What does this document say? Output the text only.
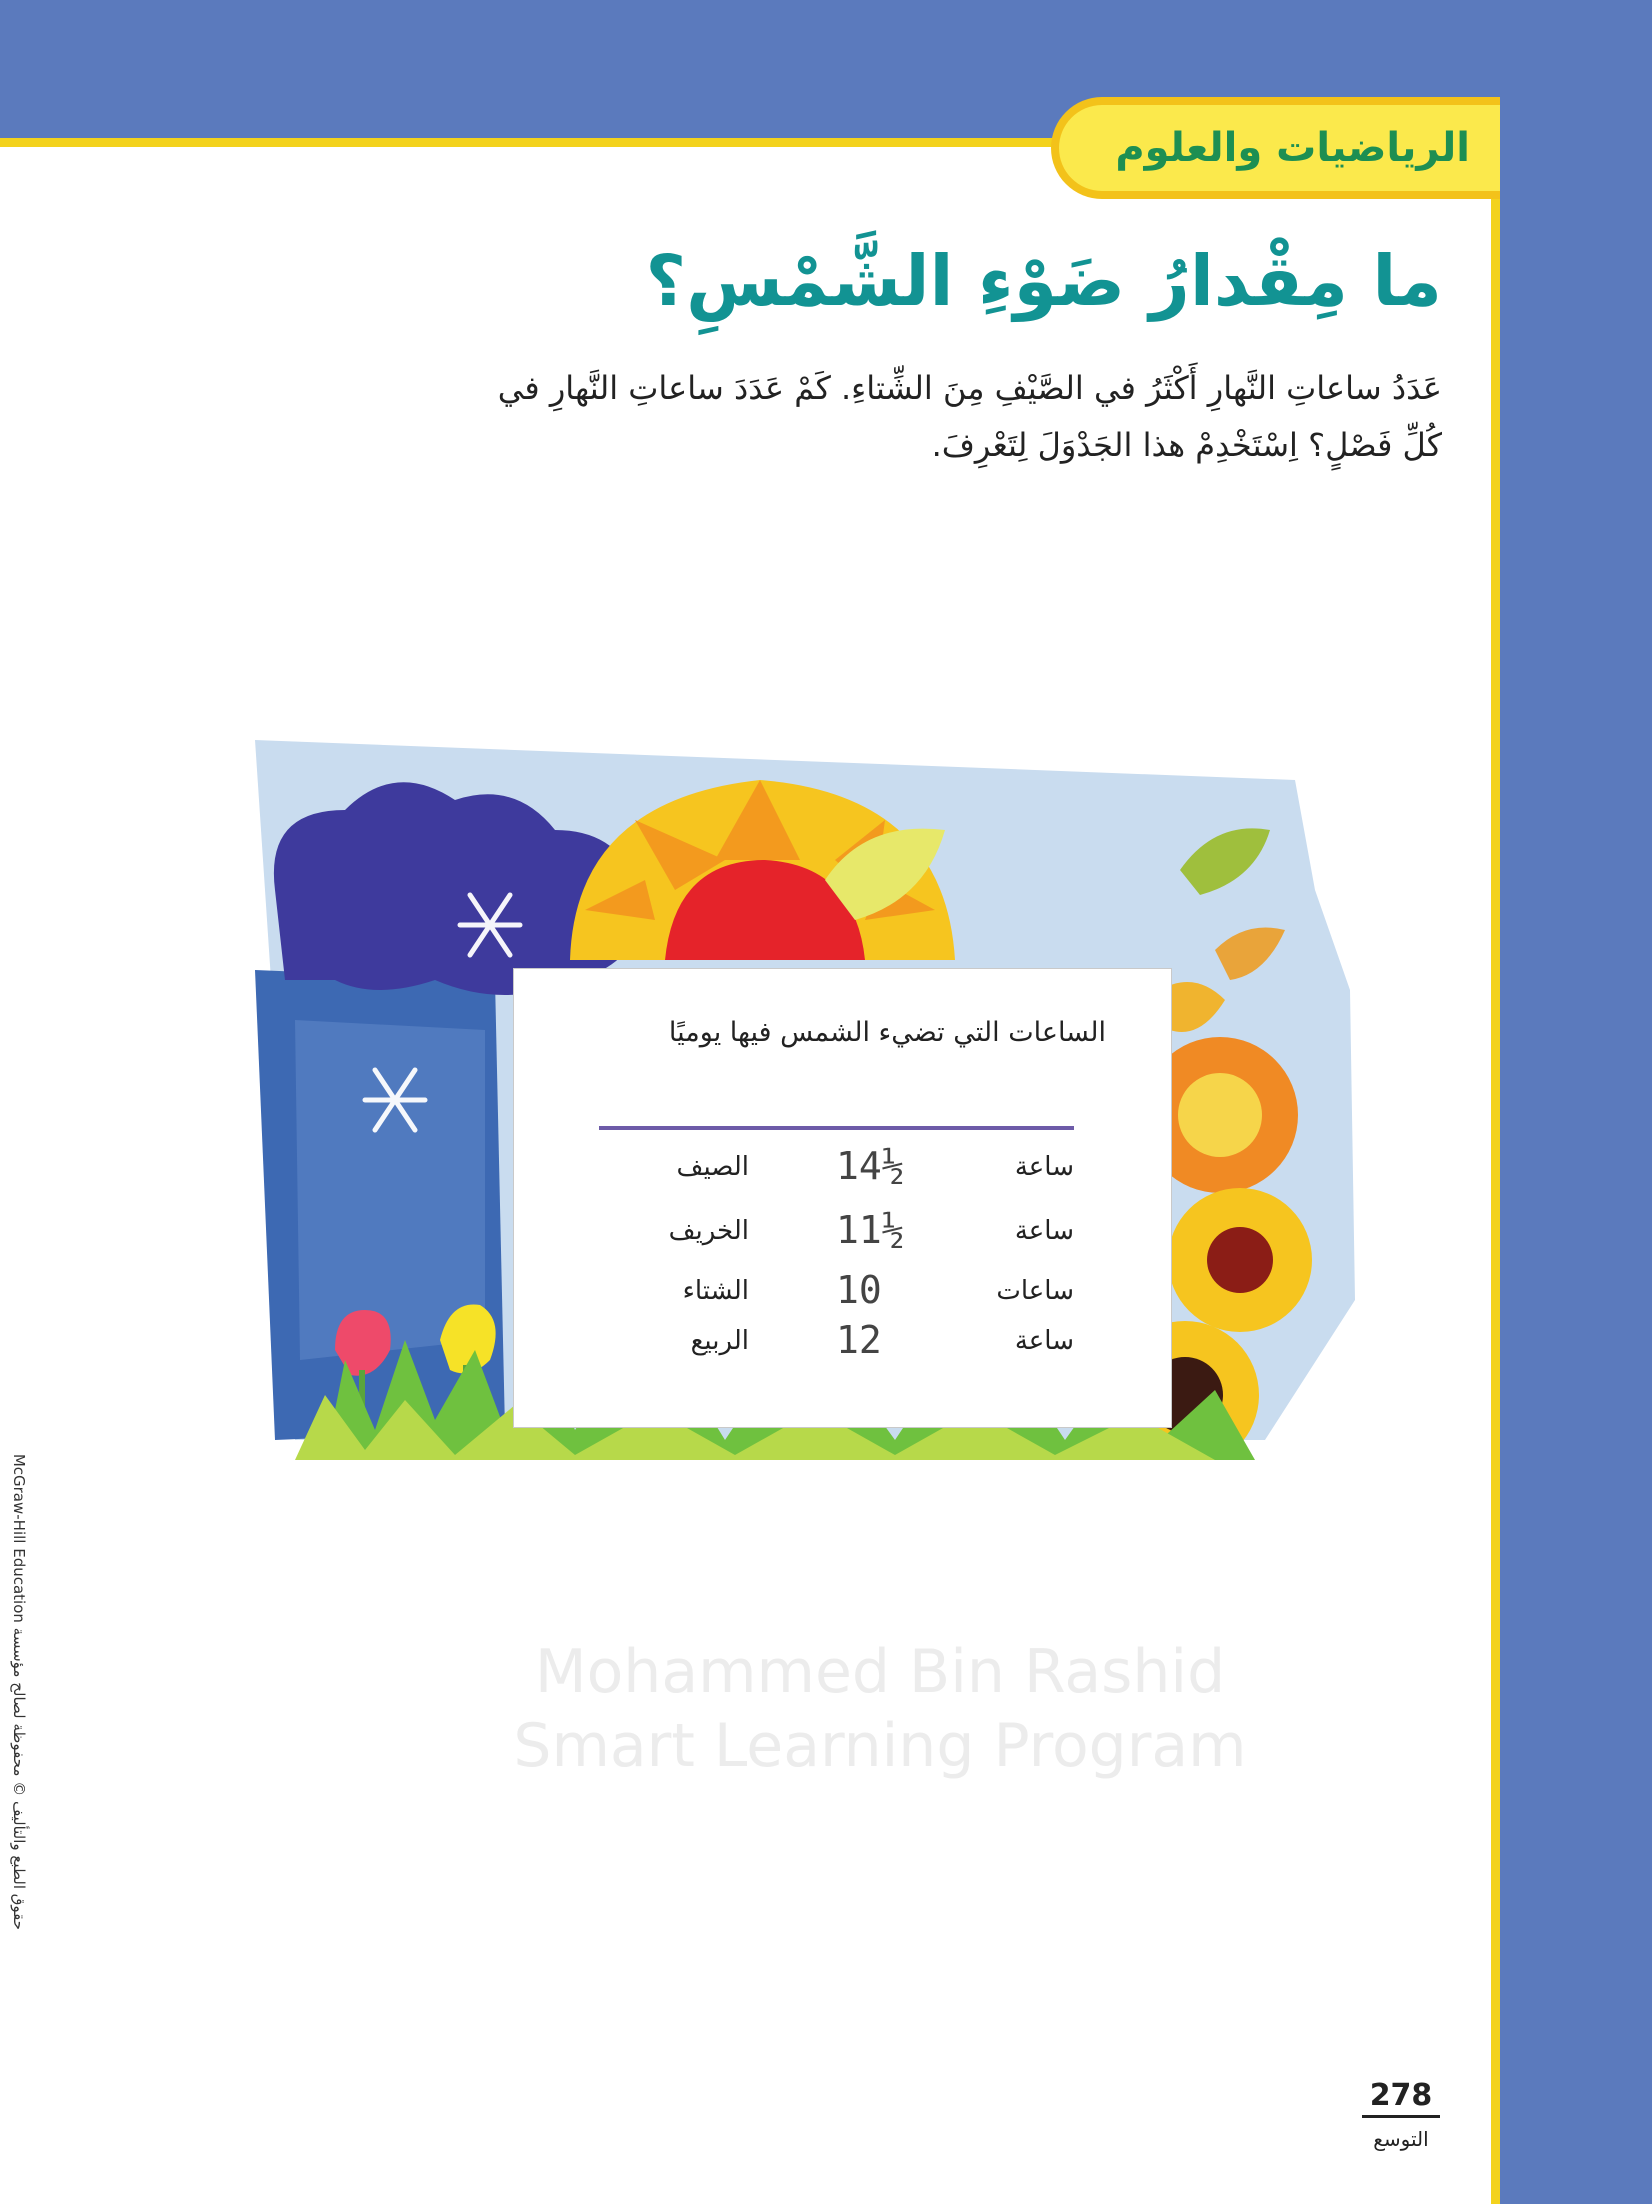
الرياضيات والعلوم
ما مِقْدارُ ضَوْءِ الشَّمْسِ؟

عَدَدُ ساعاتِ النَّهارِ أَكْثَرُ في الصَّيْفِ مِنَ الشِّتاءِ. كَمْ عَدَدَ ساعاتِ النَّهارِ في كُلِّ فَصْلٍ؟ اِسْتَخْدِمْ هذا الجَدْوَلَ لِتَعْرِفَ.

Mohammed Bin Rashid
Smart Learning Program

الساعات التي تضيء الشمس فيها يوميًا

الصيف 14½	ساعة
الخريف 11½	ساعة
الشتاء 10	ساعات
الربيع 12	ساعة
حقوق الطبع والتأليف © محفوظة لصالح مؤسسة McGraw-Hill Education
278
التوسع
